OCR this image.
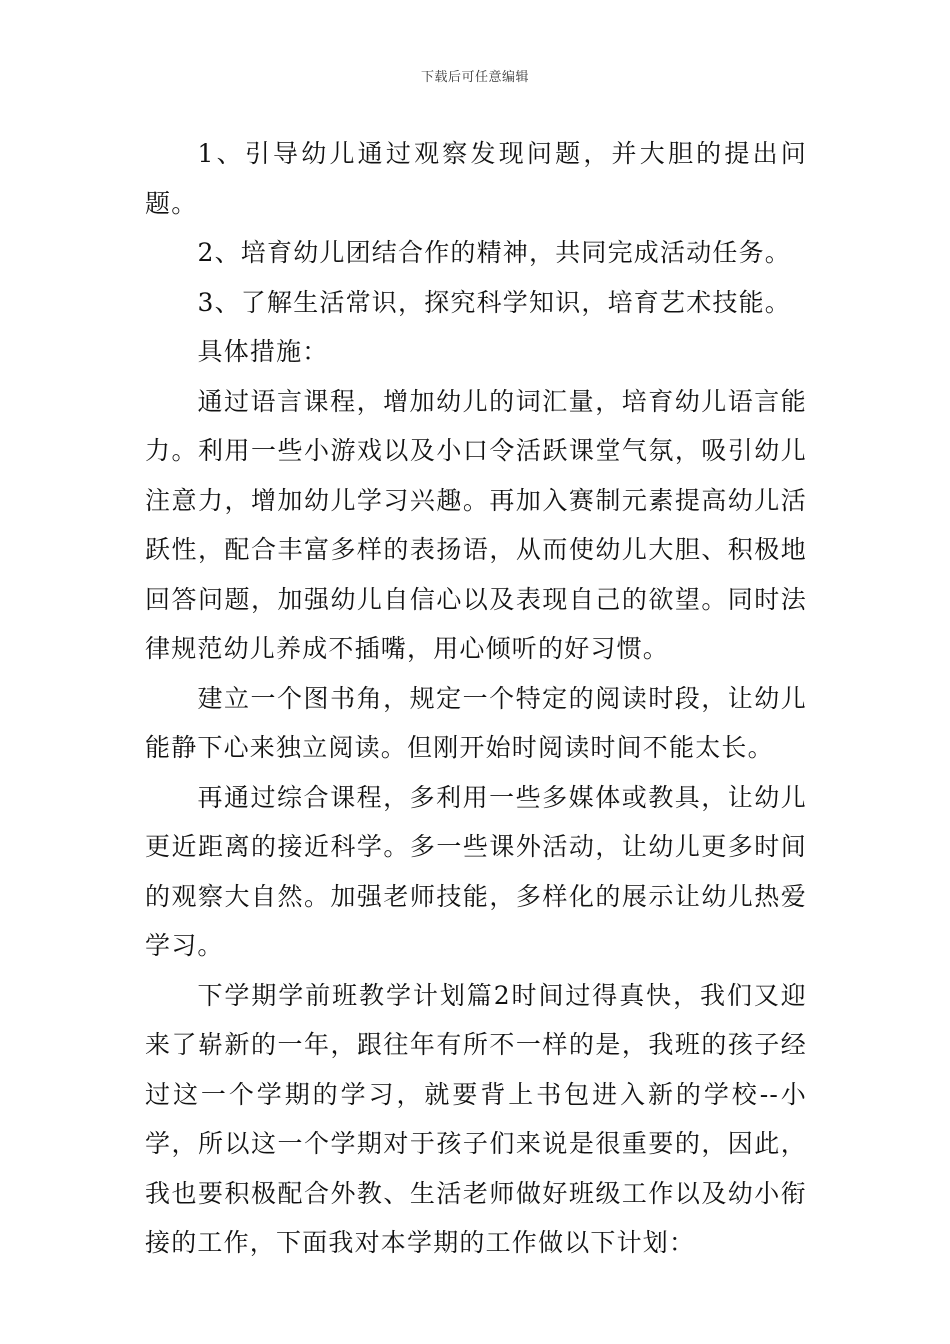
下载后可任意编辑

1、引导幼儿通过观察发现问题，并大胆的提出问题。

2、培育幼儿团结合作的精神，共同完成活动任务。

3、了解生活常识，探究科学知识，培育艺术技能。

具体措施：

通过语言课程，增加幼儿的词汇量，培育幼儿语言能力。利用一些小游戏以及小口令活跃课堂气氛，吸引幼儿注意力，增加幼儿学习兴趣。再加入赛制元素提高幼儿活跃性，配合丰富多样的表扬语，从而使幼儿大胆、积极地回答问题，加强幼儿自信心以及表现自己的欲望。同时法律规范幼儿养成不插嘴，用心倾听的好习惯。

建立一个图书角，规定一个特定的阅读时段，让幼儿能静下心来独立阅读。但刚开始时阅读时间不能太长。

再通过综合课程，多利用一些多媒体或教具，让幼儿更近距离的接近科学。多一些课外活动，让幼儿更多时间的观察大自然。加强老师技能，多样化的展示让幼儿热爱学习。

下学期学前班教学计划篇2时间过得真快，我们又迎来了崭新的一年，跟往年有所不一样的是，我班的孩子经过这一个学期的学习，就要背上书包进入新的学校--小学，所以这一个学期对于孩子们来说是很重要的，因此，我也要积极配合外教、生活老师做好班级工作以及幼小衔接的工作，下面我对本学期的工作做以下计划：
